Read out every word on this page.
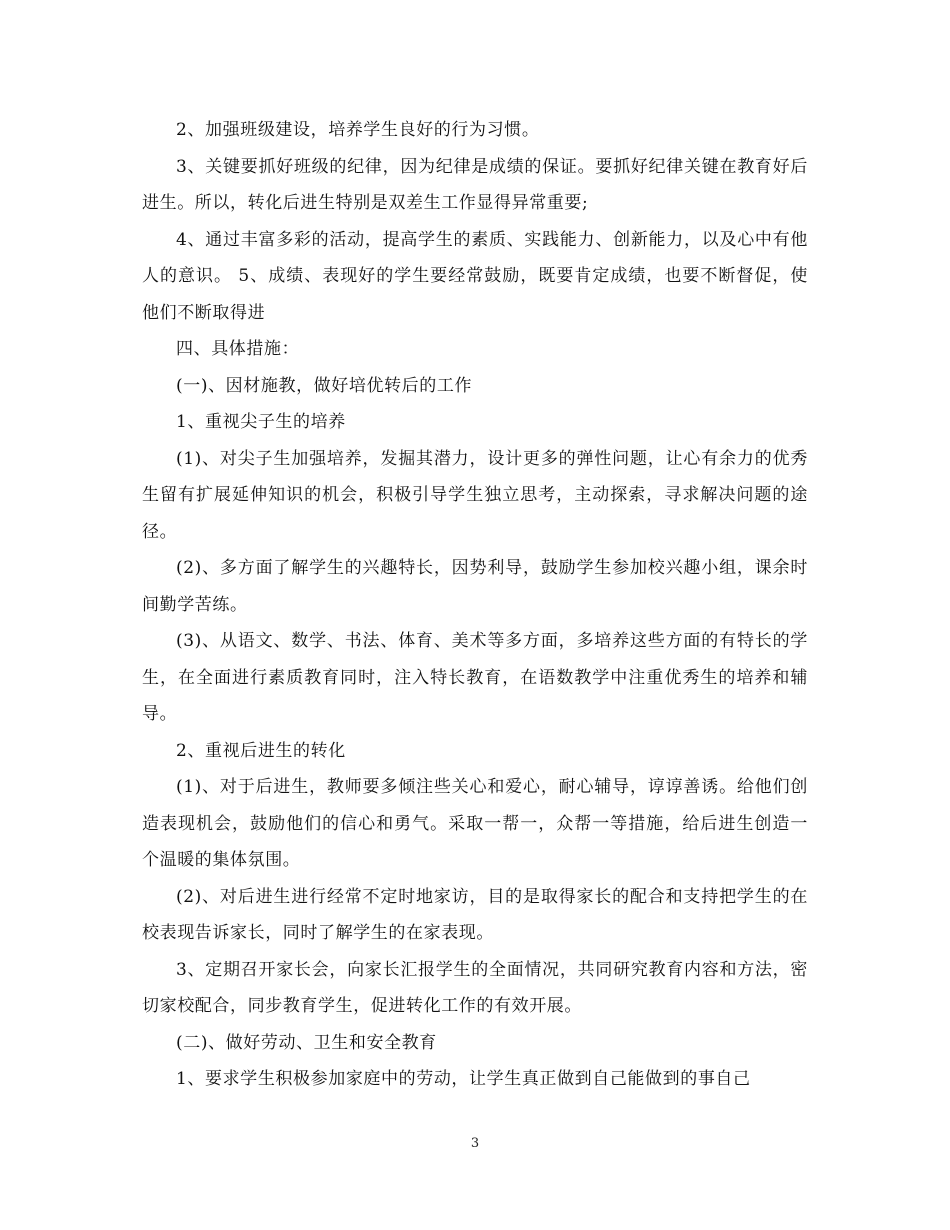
2、加强班级建设，培养学生良好的行为习惯。

3、关键要抓好班级的纪律，因为纪律是成绩的保证。要抓好纪律关键在教育好后进生。所以，转化后进生特别是双差生工作显得异常重要;

4、通过丰富多彩的活动，提高学生的素质、实践能力、创新能力，以及心中有他人的意识。 5、成绩、表现好的学生要经常鼓励，既要肯定成绩，也要不断督促，使他们不断取得进

四、具体措施：

(一)、因材施教，做好培优转后的工作

1、重视尖子生的培养

(1)、对尖子生加强培养，发掘其潜力，设计更多的弹性问题，让心有余力的优秀生留有扩展延伸知识的机会，积极引导学生独立思考，主动探索，寻求解决问题的途径。

(2)、多方面了解学生的兴趣特长，因势利导，鼓励学生参加校兴趣小组，课余时间勤学苦练。

(3)、从语文、数学、书法、体育、美术等多方面，多培养这些方面的有特长的学生，在全面进行素质教育同时，注入特长教育，在语数教学中注重优秀生的培养和辅导。

2、重视后进生的转化

(1)、对于后进生，教师要多倾注些关心和爱心，耐心辅导，谆谆善诱。给他们创造表现机会，鼓励他们的信心和勇气。采取一帮一，众帮一等措施，给后进生创造一个温暖的集体氛围。

(2)、对后进生进行经常不定时地家访，目的是取得家长的配合和支持把学生的在校表现告诉家长，同时了解学生的在家表现。

3、定期召开家长会，向家长汇报学生的全面情况，共同研究教育内容和方法，密切家校配合，同步教育学生，促进转化工作的有效开展。

(二)、做好劳动、卫生和安全教育

1、要求学生积极参加家庭中的劳动，让学生真正做到自己能做到的事自己

3
